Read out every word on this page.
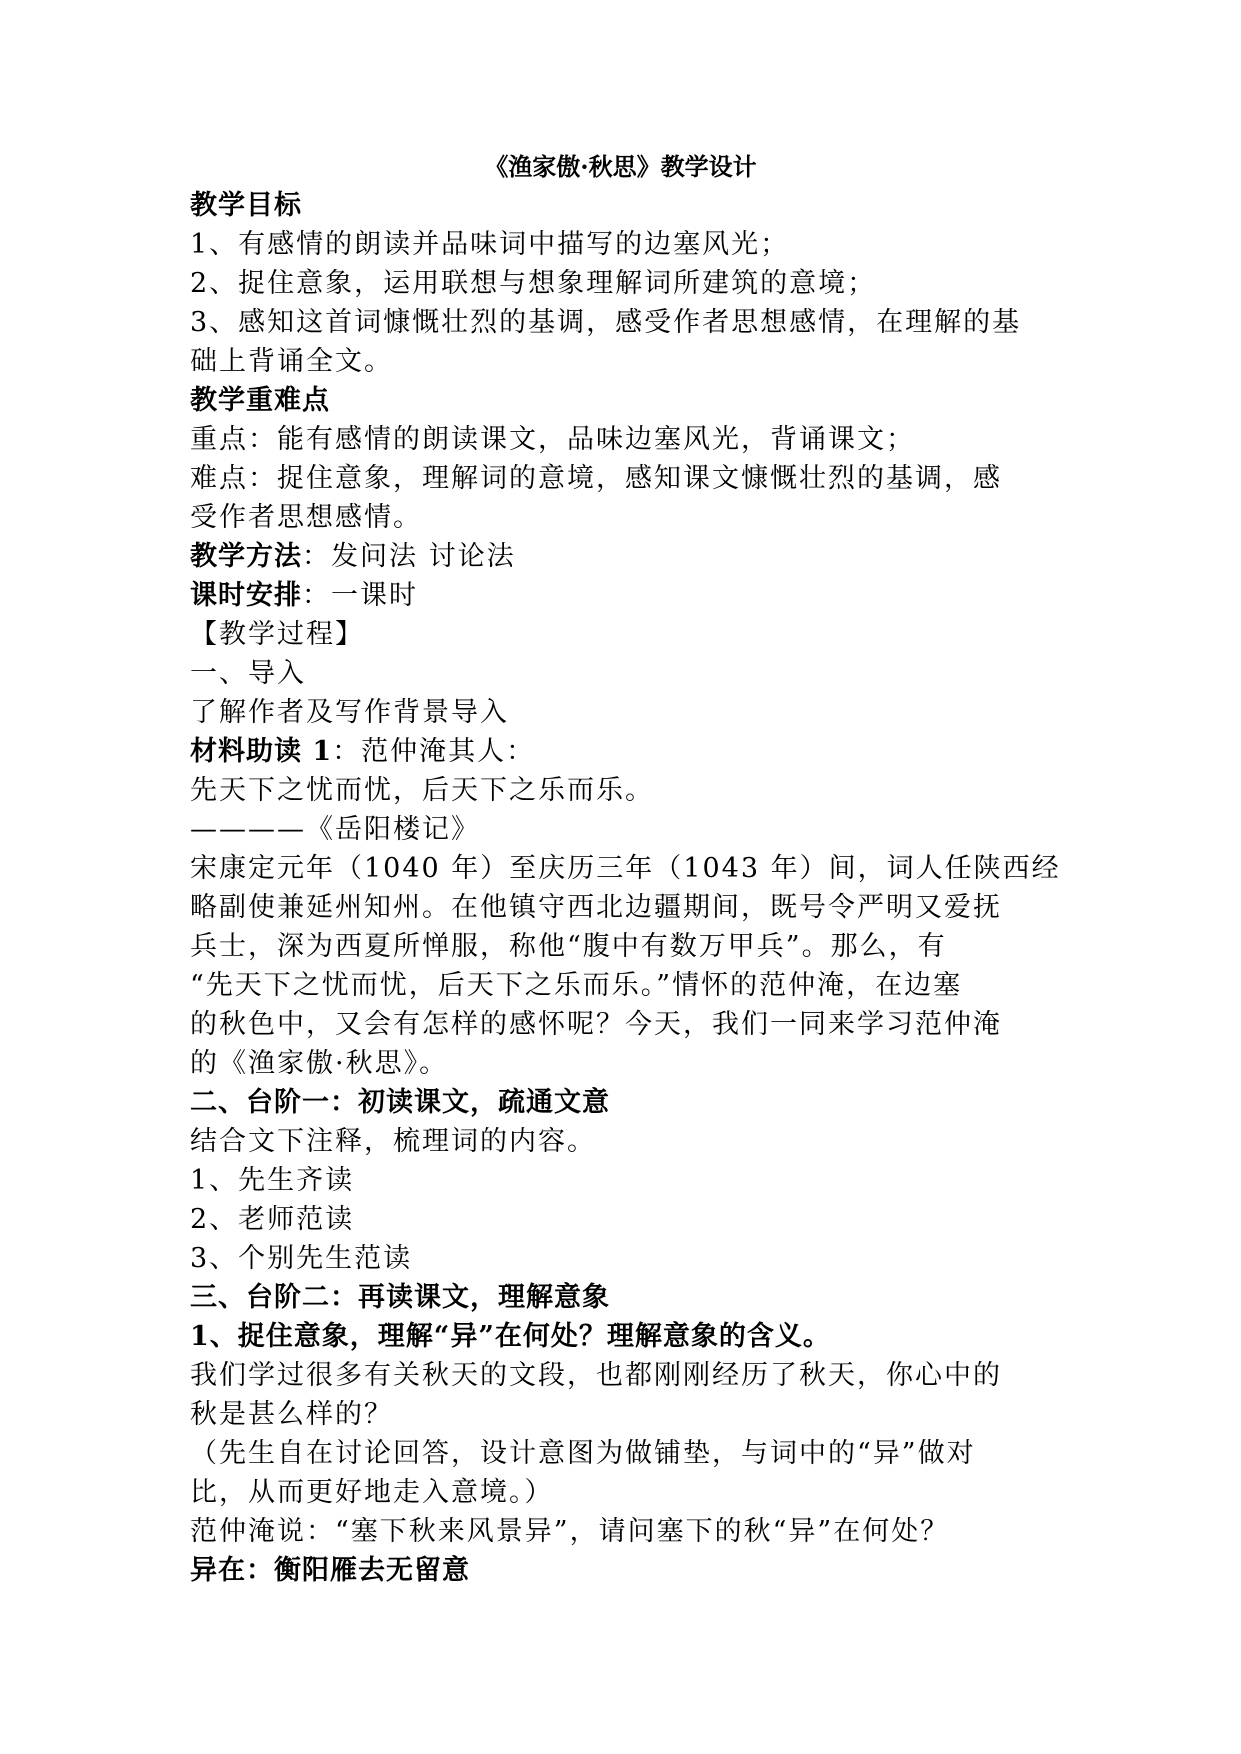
《渔家傲·秋思》教学设计
教学目标
1、有感情的朗读并品味词中描写的边塞风光；
2、捉住意象，运用联想与想象理解词所建筑的意境；
3、感知这首词慷慨壮烈的基调，感受作者思想感情，在理解的基
础上背诵全文。
教学重难点
重点：能有感情的朗读课文，品味边塞风光，背诵课文；
难点：捉住意象，理解词的意境，感知课文慷慨壮烈的基调，感
受作者思想感情。
教学方法：发问法 讨论法
课时安排：一课时
【教学过程】
一、导入
了解作者及写作背景导入
材料助读 1：范仲淹其人：
先天下之忧而忧，后天下之乐而乐。
————《岳阳楼记》
宋康定元年（1040 年）至庆历三年（1043 年）间，词人任陕西经
略副使兼延州知州。在他镇守西北边疆期间，既号令严明又爱抚
兵士，深为西夏所惮服，称他“腹中有数万甲兵”。那么，有
“先天下之忧而忧，后天下之乐而乐。”情怀的范仲淹，在边塞
的秋色中，又会有怎样的感怀呢？今天，我们一同来学习范仲淹
的《渔家傲·秋思》。
二、台阶一：初读课文，疏通文意
结合文下注释，梳理词的内容。
1、先生齐读
2、老师范读
3、个别先生范读
三、台阶二：再读课文，理解意象
1、捉住意象，理解“异”在何处？理解意象的含义。
我们学过很多有关秋天的文段，也都刚刚经历了秋天，你心中的
秋是甚么样的？
（先生自在讨论回答，设计意图为做铺垫，与词中的“异”做对
比，从而更好地走入意境。）
范仲淹说：“塞下秋来风景异”，请问塞下的秋“异”在何处？
异在：衡阳雁去无留意
